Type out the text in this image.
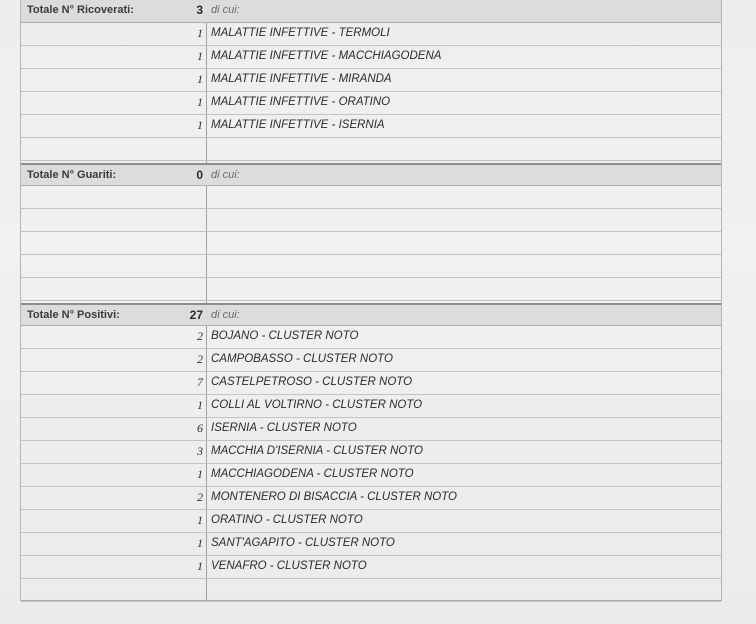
Totale N° Ricoverati:	3 di cui:
1 MALATTIE INFETTIVE - TERMOLI
1 MALATTIE INFETTIVE - MACCHIAGODENA
1 MALATTIE INFETTIVE - MIRANDA
1 MALATTIE INFETTIVE - ORATINO
1 MALATTIE INFETTIVE - ISERNIA
Totale N° Guariti:	0 di cui:
Totale N° Positivi:	27 di cui:
2 BOJANO - CLUSTER NOTO
2 CAMPOBASSO - CLUSTER NOTO
7 CASTELPETROSO - CLUSTER NOTO
1 COLLI AL VOLTIRNO - CLUSTER NOTO
6 ISERNIA - CLUSTER NOTO
3 MACCHIA D'ISERNIA - CLUSTER NOTO
1 MACCHIAGODENA - CLUSTER NOTO
2 MONTENERO DI BISACCIA - CLUSTER NOTO
1 ORATINO - CLUSTER NOTO
1 SANT'AGAPITO - CLUSTER NOTO
1 VENAFRO - CLUSTER NOTO
